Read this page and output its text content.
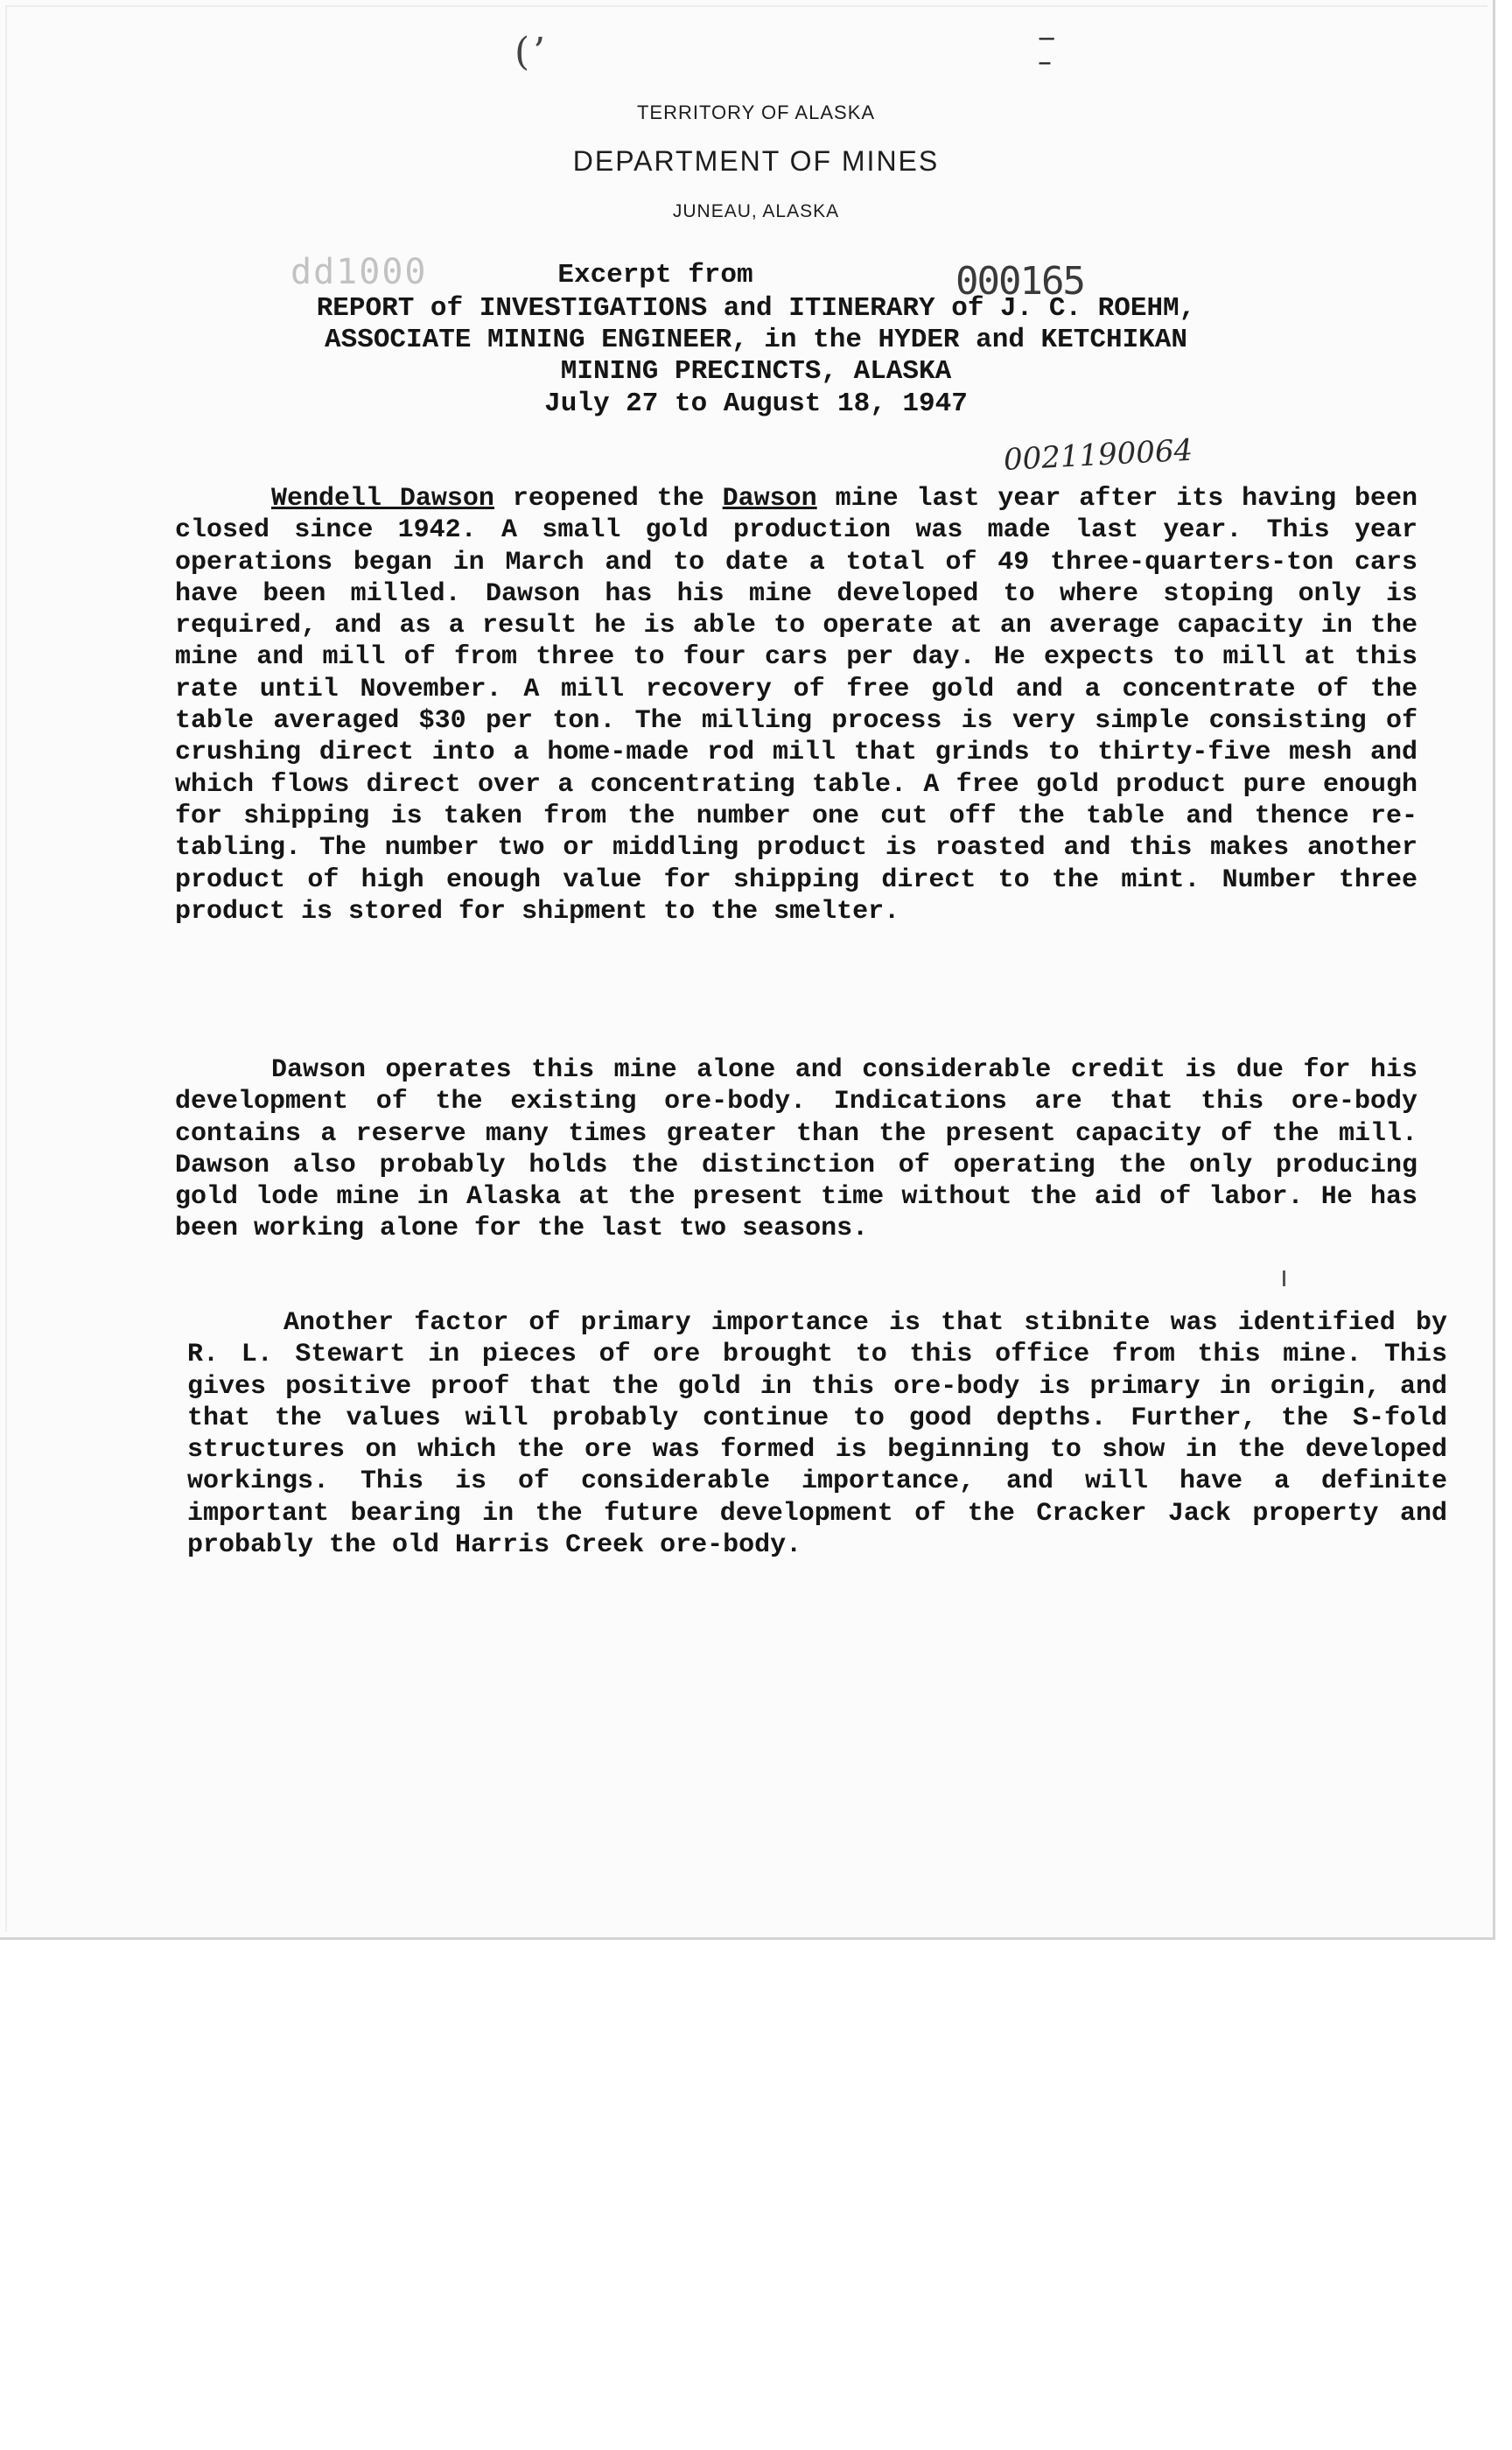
(’	‒
–
TERRITORY OF ALASKA
DEPARTMENT OF MINES
JUNEAU, ALASKA
dd1000	000165
Excerpt from
REPORT of INVESTIGATIONS and ITINERARY of J. C. ROEHM,
ASSOCIATE MINING ENGINEER, in the HYDER and KETCHIKAN
MINING PRECINCTS, ALASKA
July 27 to August 18, 1947
0021190064

Wendell Dawson reopened the Dawson mine last year after its having been closed since 1942. A small gold production was made last year. This year operations began in March and to date a total of 49 three-quarters-ton cars have been milled. Dawson has his mine developed to where stoping only is required, and as a result he is able to operate at an average capacity in the mine and mill of from three to four cars per day. He expects to mill at this rate until November. A mill recovery of free gold and a concentrate of the table averaged $30 per ton. The milling process is very simple consisting of crushing direct into a home-made rod mill that grinds to thirty-five mesh and which flows direct over a concentrating table. A free gold product pure enough for shipping is taken from the number one cut off the table and thence re-tabling. The number two or middling product is roasted and this makes another product of high enough value for shipping direct to the mint. Number three product is stored for shipment to the smelter.

Dawson operates this mine alone and considerable credit is due for his development of the existing ore-body. Indications are that this ore-body contains a reserve many times greater than the present capacity of the mill. Dawson also probably holds the distinction of operating the only producing gold lode mine in Alaska at the present time without the aid of labor. He has been working alone for the last two seasons.

Another factor of primary importance is that stibnite was identified by R. L. Stewart in pieces of ore brought to this office from this mine. This gives positive proof that the gold in this ore-body is primary in origin, and that the values will probably continue to good depths. Further, the S-fold structures on which the ore was formed is beginning to show in the developed workings. This is of considerable importance, and will have a definite important bearing in the future development of the Cracker Jack property and probably the old Harris Creek ore-body.
